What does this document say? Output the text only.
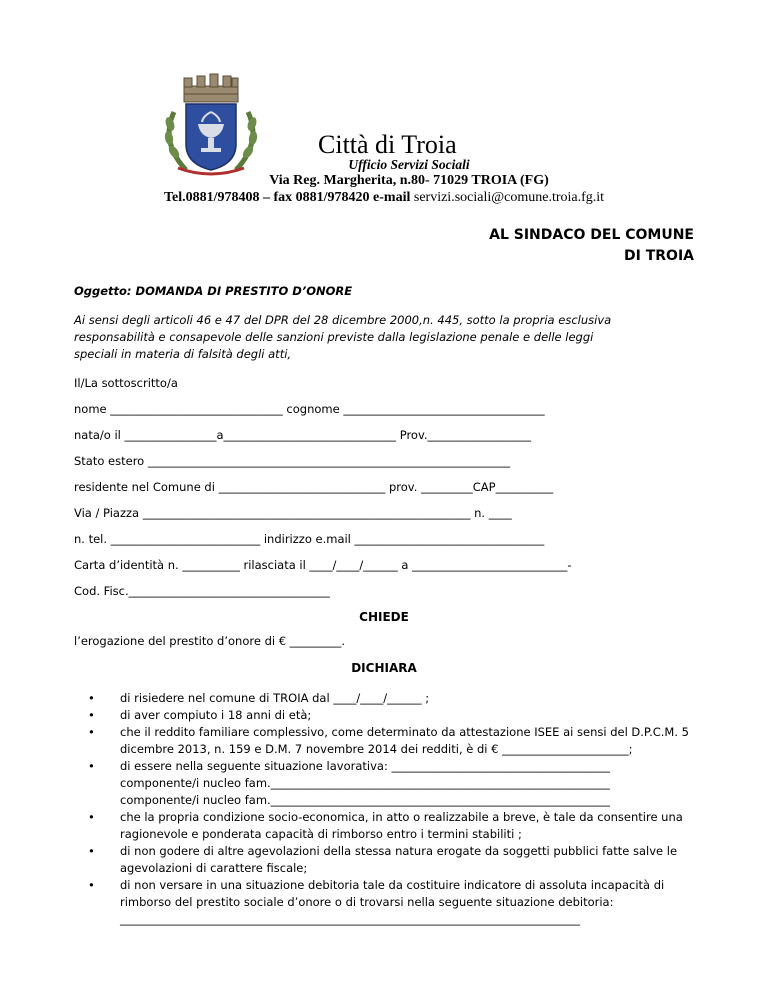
Città di Troia
Ufficio Servizi Sociali
Via Reg. Margherita, n.80- 71029 TROIA (FG)
Tel.0881/978408 – fax 0881/978420 e-mail servizi.sociali@comune.troia.fg.it
AL SINDACO DEL COMUNE
DI TROIA
Oggetto: DOMANDA DI PRESTITO D’ONORE
Ai sensi degli articoli 46 e 47 del DPR del 28 dicembre 2000,n. 445, sotto la propria esclusiva responsabilità e consapevole delle sanzioni previste dalla legislazione penale e delle leggi speciali in materia di falsità degli atti,
Il/La sottoscritto/a
nome ______________________________ cognome ___________________________________
nata/o il ________________a______________________________ Prov.__________________
Stato estero _______________________________________________________________
residente nel Comune di _____________________________ prov. _________CAP__________
Via / Piazza _________________________________________________________ n. ____
n. tel. __________________________ indirizzo e.mail _________________________________
Carta d’identità n. __________ rilasciata il ____/____/______ a ___________________________-
Cod. Fisc.___________________________________
CHIEDE
l’erogazione del prestito d’onore di € _________.
DICHIARA
• di risiedere nel comune di TROIA dal ____/____/______ ;
• di aver compiuto i 18 anni di età;
• che il reddito familiare complessivo, come determinato da attestazione ISEE ai sensi del D.P.C.M. 5
dicembre 2013, n. 159 e D.M. 7 novembre 2014 dei redditi, è di € ______________________;
• di essere nella seguente situazione lavorativa: ______________________________________
componente/i nucleo fam.___________________________________________________________
componente/i nucleo fam.___________________________________________________________
• che la propria condizione socio-economica, in atto o realizzabile a breve, è tale da consentire una
ragionevole e ponderata capacità di rimborso entro i termini stabiliti ;
• di non godere di altre agevolazioni della stessa natura erogate da soggetti pubblici fatte salve le
agevolazioni di carattere fiscale;
• di non versare in una situazione debitoria tale da costituire indicatore di assoluta incapacità di
rimborso del prestito sociale d’onore o di trovarsi nella seguente situazione debitoria:
________________________________________________________________________________
